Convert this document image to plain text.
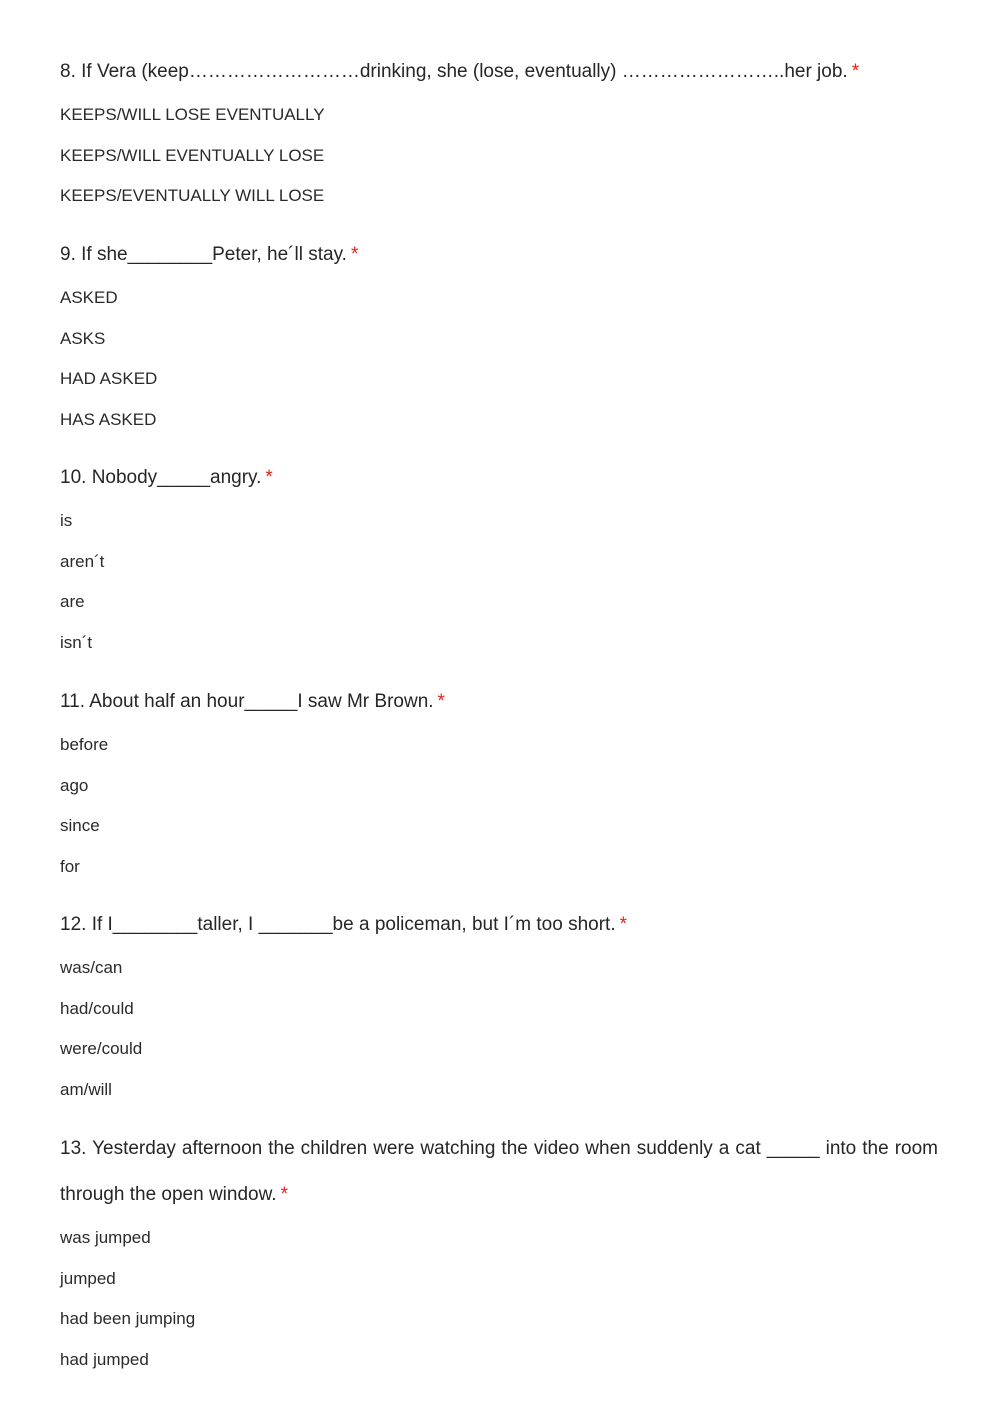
8. If Vera (keep………………………drinking, she (lose, eventually) ……………………..her job. *
KEEPS/WILL LOSE EVENTUALLY
KEEPS/WILL EVENTUALLY LOSE
KEEPS/EVENTUALLY WILL LOSE
9. If she________Peter, he´ll stay. *
ASKED
ASKS
HAD ASKED
HAS ASKED
10. Nobody_____angry. *
is
aren´t
are
isn´t
11. About half an hour_____I saw Mr Brown. *
before
ago
since
for
12. If I________taller, I _______be a policeman, but I´m too short. *
was/can
had/could
were/could
am/will
13. Yesterday afternoon the children were watching the video when suddenly a cat _____ into the room through the open window. *
was jumped
jumped
had been jumping
had jumped
